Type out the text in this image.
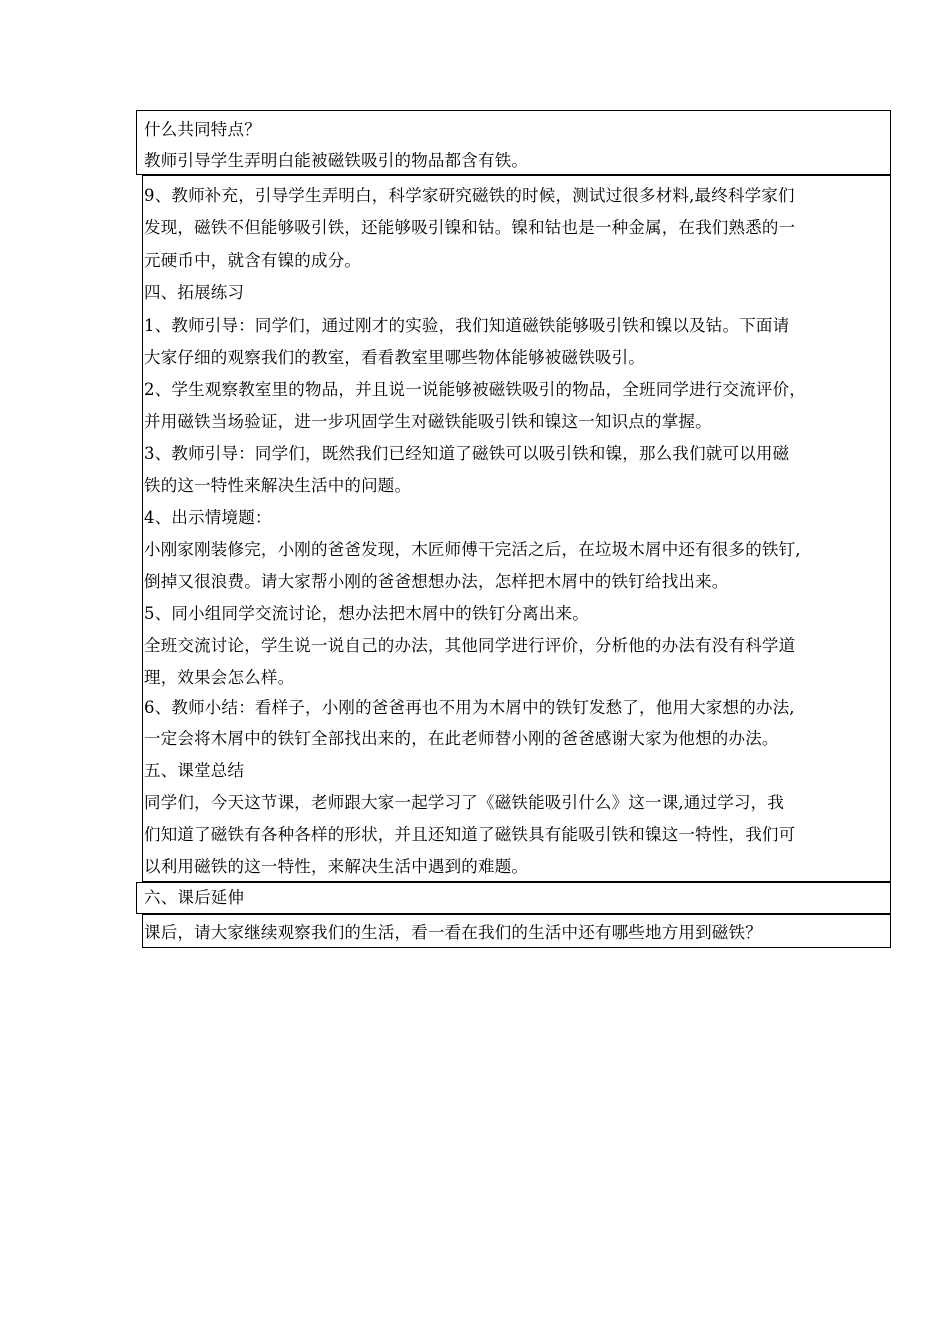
什么共同特点？
教师引导学生弄明白能被磁铁吸引的物品都含有铁。
9、教师补充，引导学生弄明白，科学家研究磁铁的时候，测试过很多材料,最终科学家们
发现，磁铁不但能够吸引铁，还能够吸引镍和钴。镍和钴也是一种金属，在我们熟悉的一
元硬币中，就含有镍的成分。
四、拓展练习
1、教师引导：同学们，通过刚才的实验，我们知道磁铁能够吸引铁和镍以及钴。下面请
大家仔细的观察我们的教室，看看教室里哪些物体能够被磁铁吸引。
2、学生观察教室里的物品，并且说一说能够被磁铁吸引的物品，全班同学进行交流评价，
并用磁铁当场验证，进一步巩固学生对磁铁能吸引铁和镍这一知识点的掌握。
3、教师引导：同学们，既然我们已经知道了磁铁可以吸引铁和镍，那么我们就可以用磁
铁的这一特性来解决生活中的问题。
4、出示情境题：
小刚家刚装修完，小刚的爸爸发现，木匠师傅干完活之后，在垃圾木屑中还有很多的铁钉,
倒掉又很浪费。请大家帮小刚的爸爸想想办法，怎样把木屑中的铁钉给找出来。
5、同小组同学交流讨论，想办法把木屑中的铁钉分离出来。
全班交流讨论，学生说一说自己的办法，其他同学进行评价，分析他的办法有没有科学道
理，效果会怎么样。
6、教师小结：看样子，小刚的爸爸再也不用为木屑中的铁钉发愁了，他用大家想的办法,
一定会将木屑中的铁钉全部找出来的，在此老师替小刚的爸爸感谢大家为他想的办法。
五、课堂总结
同学们，今天这节课，老师跟大家一起学习了《磁铁能吸引什么》这一课,通过学习，我
们知道了磁铁有各种各样的形状，并且还知道了磁铁具有能吸引铁和镍这一特性，我们可
以利用磁铁的这一特性，来解决生活中遇到的难题。
六、课后延伸
课后，请大家继续观察我们的生活，看一看在我们的生活中还有哪些地方用到磁铁？
